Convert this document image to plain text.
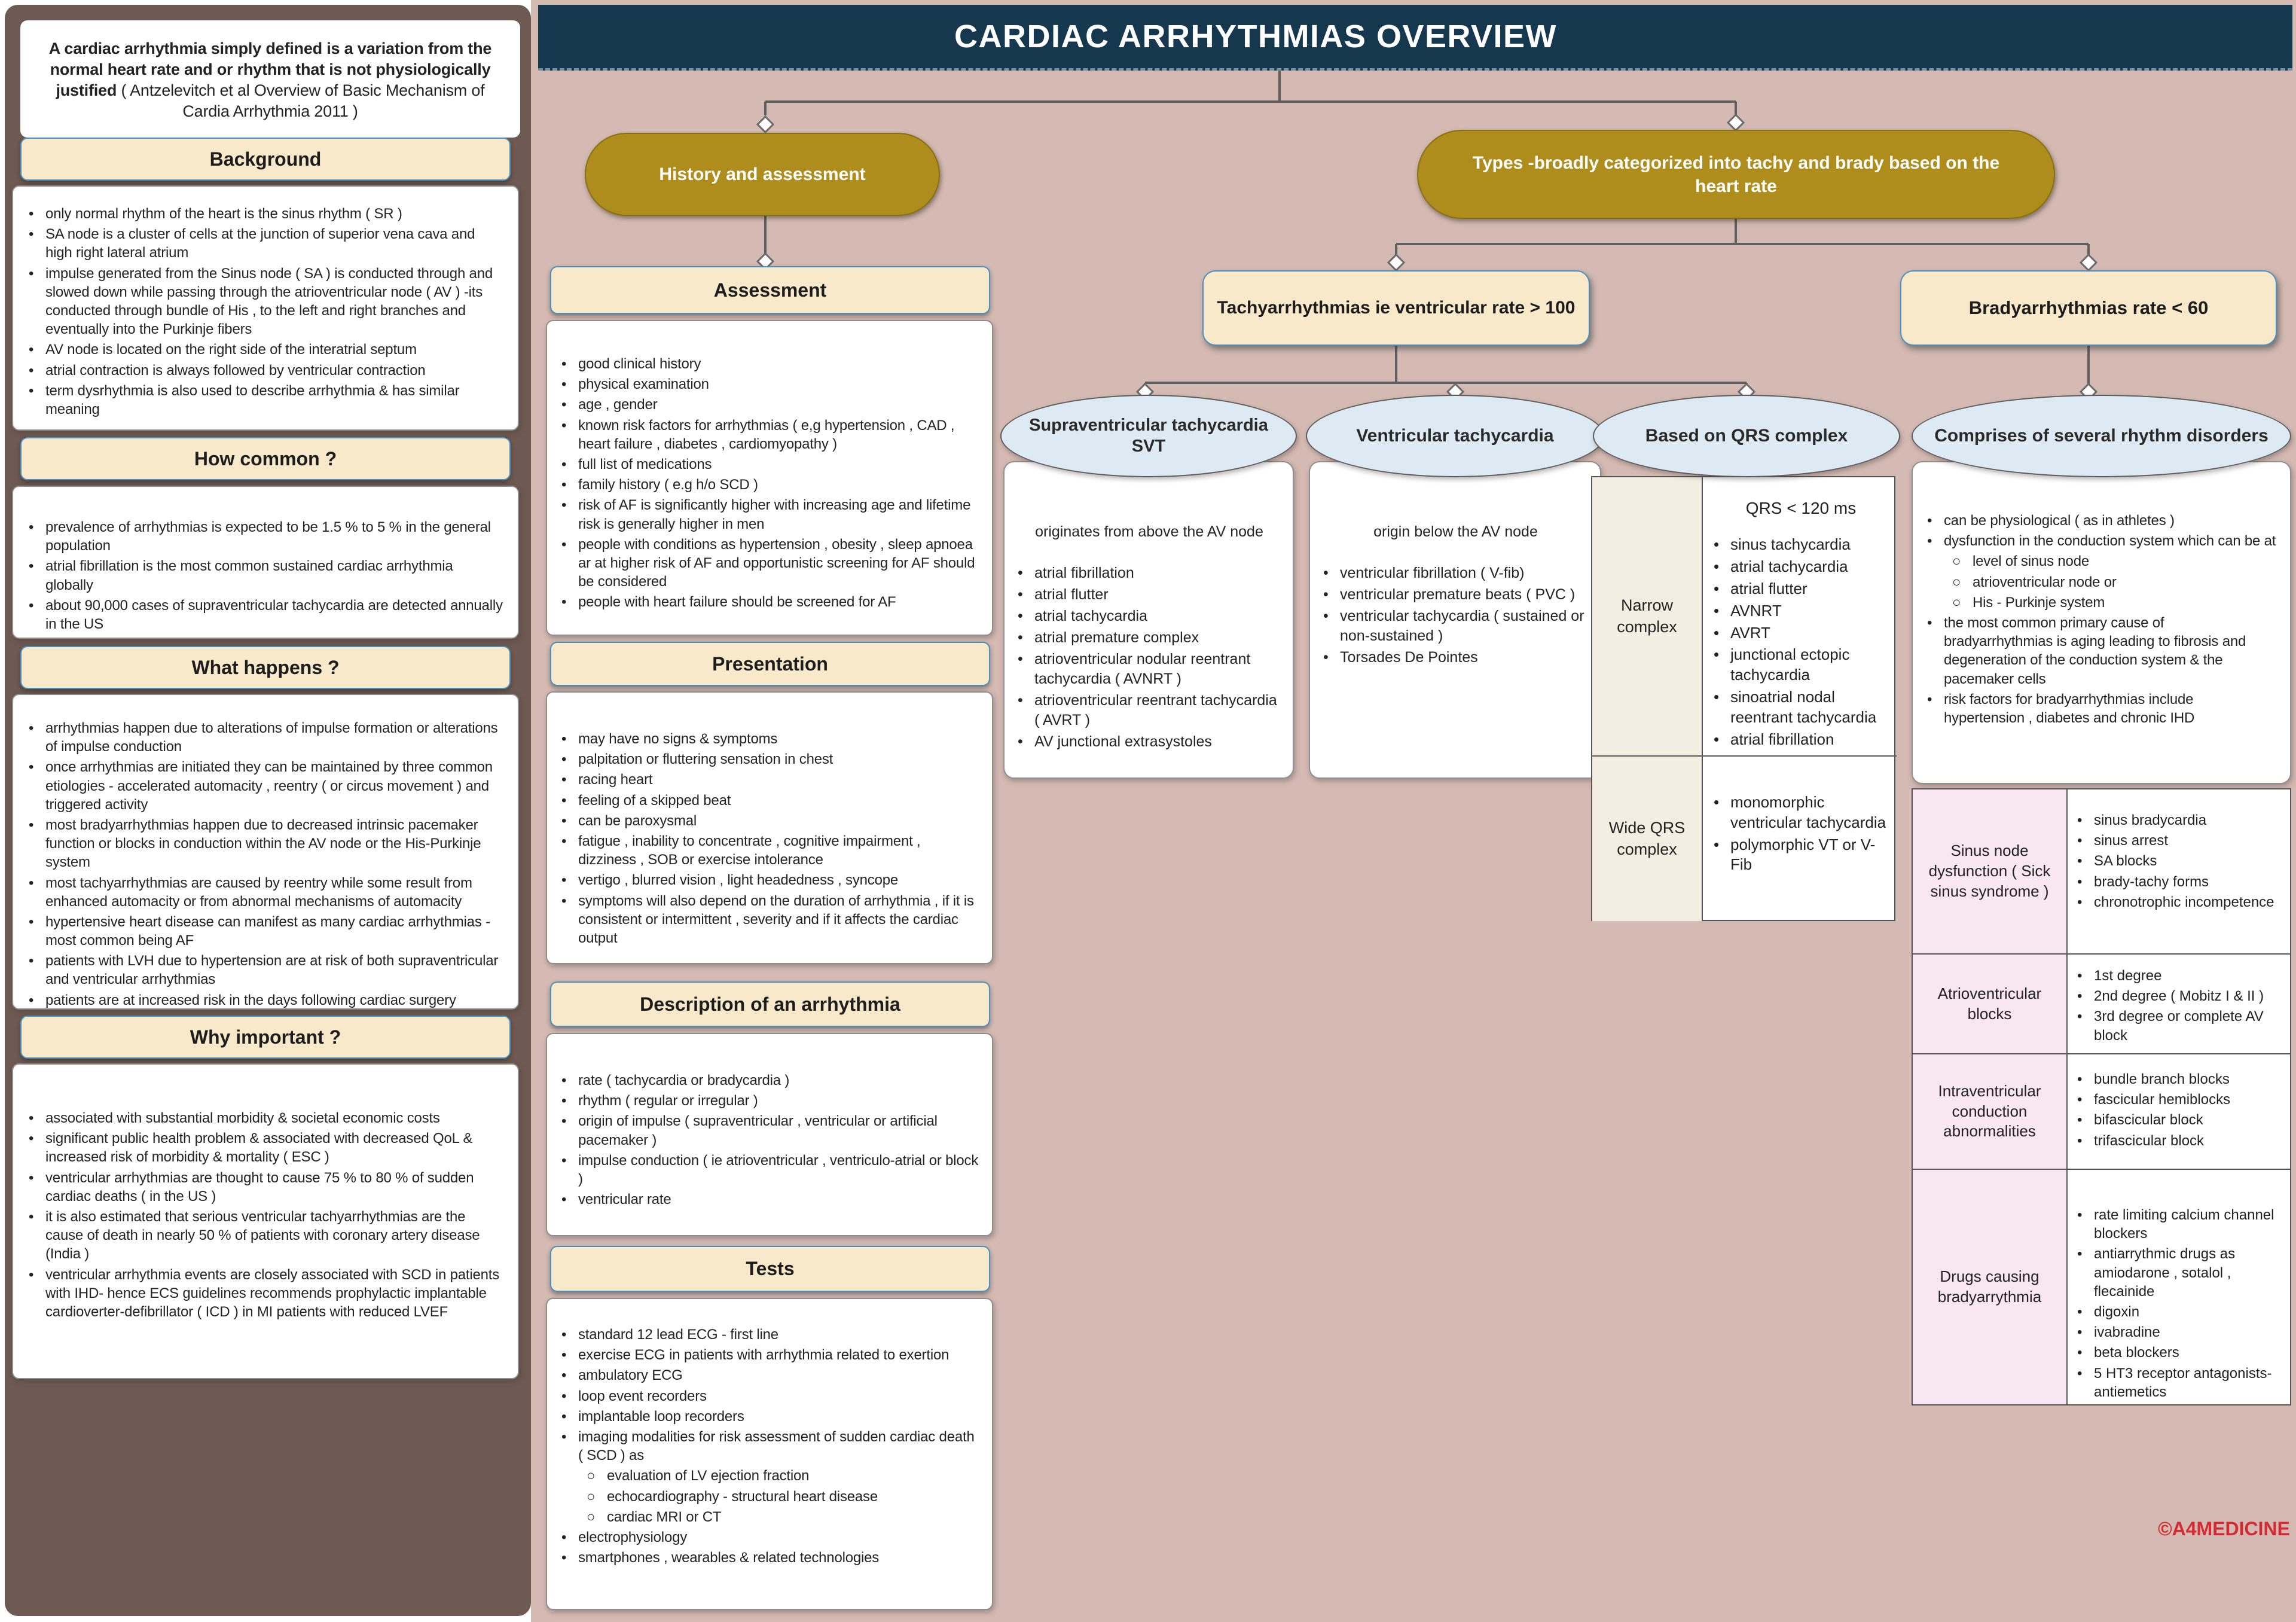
A cardiac arrhythmia simply defined is a variation from the normal heart rate and or rhythm that is not physiologically justified ( Antzelevitch et al Overview of Basic Mechanism of Cardia Arrhythmia 2011 )
Background
• only normal rhythm of the heart is the sinus rhythm ( SR )
• SA node is a cluster of cells at the junction of superior vena cava and high right lateral atrium
• impulse generated from the Sinus node ( SA ) is conducted through and slowed down while passing through the atrioventricular node ( AV ) -its conducted through bundle of His , to the left and right branches and eventually into the Purkinje fibers
• AV node is located on the right side of the interatrial septum
• atrial contraction is always followed by ventricular contraction
• term dysrhythmia is also used to describe arrhythmia & has similar meaning
How common ?
• prevalence of arrhythmias is expected to be 1.5 % to 5 % in the general population
• atrial fibrillation is the most common sustained cardiac arrhythmia globally
• about 90,000 cases of supraventricular tachycardia are detected annually in the US
What happens ?
• arrhythmias happen due to alterations of impulse formation or alterations of impulse conduction
• once arrhythmias are initiated they can be maintained by three common etiologies - accelerated automacity , reentry ( or circus movement ) and triggered activity
• most bradyarrhythmias happen due to decreased intrinsic pacemaker function or blocks in conduction within the AV node or the His-Purkinje system
• most tachyarrhythmias are caused by reentry while some result from enhanced automacity or from abnormal mechanisms of automacity
• hypertensive heart disease can manifest as many cardiac arrhythmias - most common being AF
• patients with LVH due to hypertension are at risk of both supraventricular and ventricular arrhythmias
• patients are at increased risk in the days following cardiac surgery
Why important ?
• associated with substantial morbidity & societal economic costs
• significant public health problem & associated with decreased QoL & increased risk of morbidity & mortality ( ESC )
• ventricular arrhythmias are thought to cause 75 % to 80 % of sudden cardiac deaths ( in the US )
• it is also estimated that serious ventricular tachyarrhythmias are the cause of death in nearly 50 % of patients with coronary artery disease (India )
• ventricular arrhythmia events are closely associated with SCD in patients with IHD- hence ECS guidelines recommends prophylactic implantable cardioverter-defibrillator ( ICD ) in MI patients with reduced LVEF
CARDIAC ARRHYTHMIAS OVERVIEW
History and assessment
Assessment
• good clinical history
• physical examination
• age , gender
• known risk factors for arrhythmias ( e,g hypertension , CAD , heart failure , diabetes , cardiomyopathy )
• full list of medications
• family history ( e.g h/o SCD )
• risk of AF is significantly higher with increasing age and lifetime risk is generally higher in men
• people with conditions as hypertension , obesity , sleep apnoea ar at higher risk of AF and opportunistic screening for AF should be considered
• people with heart failure should be screened for AF
Presentation
• may have no signs & symptoms
• palpitation or fluttering sensation in chest
• racing heart
• feeling of a skipped beat
• can be paroxysmal
• fatigue , inability to concentrate , cognitive impairment , dizziness , SOB or exercise intolerance
• vertigo , blurred vision , light headedness , syncope
• symptoms will also depend on the duration of arrhythmia , if it is consistent or intermittent , severity and if it affects the cardiac output
Description of an arrhythmia
• rate ( tachycardia or bradycardia )
• rhythm ( regular or irregular )
• origin of impulse ( supraventricular , ventricular or artificial pacemaker )
• impulse conduction ( ie atrioventricular , ventriculo-atrial or block )
• ventricular rate
Tests
• standard 12 lead ECG - first line
• exercise ECG in patients with arrhythmia related to exertion
• ambulatory ECG
• loop event recorders
• implantable loop recorders
• imaging modalities for risk assessment of sudden cardiac death ( SCD ) as
○ evaluation of LV ejection fraction
○ echocardiography - structural heart disease
○ cardiac MRI or CT
• electrophysiology
• smartphones , wearables & related technologies
Types -broadly categorized into tachy and brady based on the heart rate
Tachyarrhythmias ie ventricular rate > 100	Bradyarrhythmias rate < 60
Supraventricular tachycardia
SVT
originates from above the AV node
• atrial fibrillation
• atrial flutter
• atrial tachycardia
• atrial premature complex
• atrioventricular nodular reentrant tachycardia ( AVNRT )
• atrioventricular reentrant tachycardia ( AVRT )
• AV junctional extrasystoles
Ventricular tachycardia
origin below the AV node
• ventricular fibrillation ( V-fib)
• ventricular premature beats ( PVC )
• ventricular tachycardia ( sustained or non-sustained )
• Torsades De Pointes
Based on QRS complex
Narrow complex
QRS < 120 ms
• sinus tachycardia
• atrial tachycardia
• atrial flutter
• AVNRT
• AVRT
• junctional ectopic tachycardia
• sinoatrial nodal reentrant tachycardia
• atrial fibrillation
Wide QRS complex
• monomorphic ventricular tachycardia
• polymorphic VT or V-Fib
Comprises of several rhythm disorders
• can be physiological ( as in athletes )
• dysfunction in the conduction system which can be at
○ level of sinus node
○ atrioventricular node or
○ His - Purkinje system
• the most common primary cause of bradyarrhythmias is aging leading to fibrosis and degeneration of the conduction system & the pacemaker cells
• risk factors for bradyarrhythmias include hypertension , diabetes and chronic IHD
Sinus node dysfunction ( Sick sinus syndrome )
• sinus bradycardia
• sinus arrest
• SA blocks
• brady-tachy forms
• chronotrophic incompetence
Atrioventricular blocks
• 1st degree
• 2nd degree ( Mobitz I & II )
• 3rd degree or complete AV block
Intraventricular conduction abnormalities
• bundle branch blocks
• fascicular hemiblocks
• bifascicular block
• trifascicular block
Drugs causing bradyarrythmia
• rate limiting calcium channel blockers
• antiarrythmic drugs as amiodarone , sotalol , flecainide
• digoxin
• ivabradine
• beta blockers
• 5 HT3 receptor antagonists-antiemetics
©A4MEDICINE
